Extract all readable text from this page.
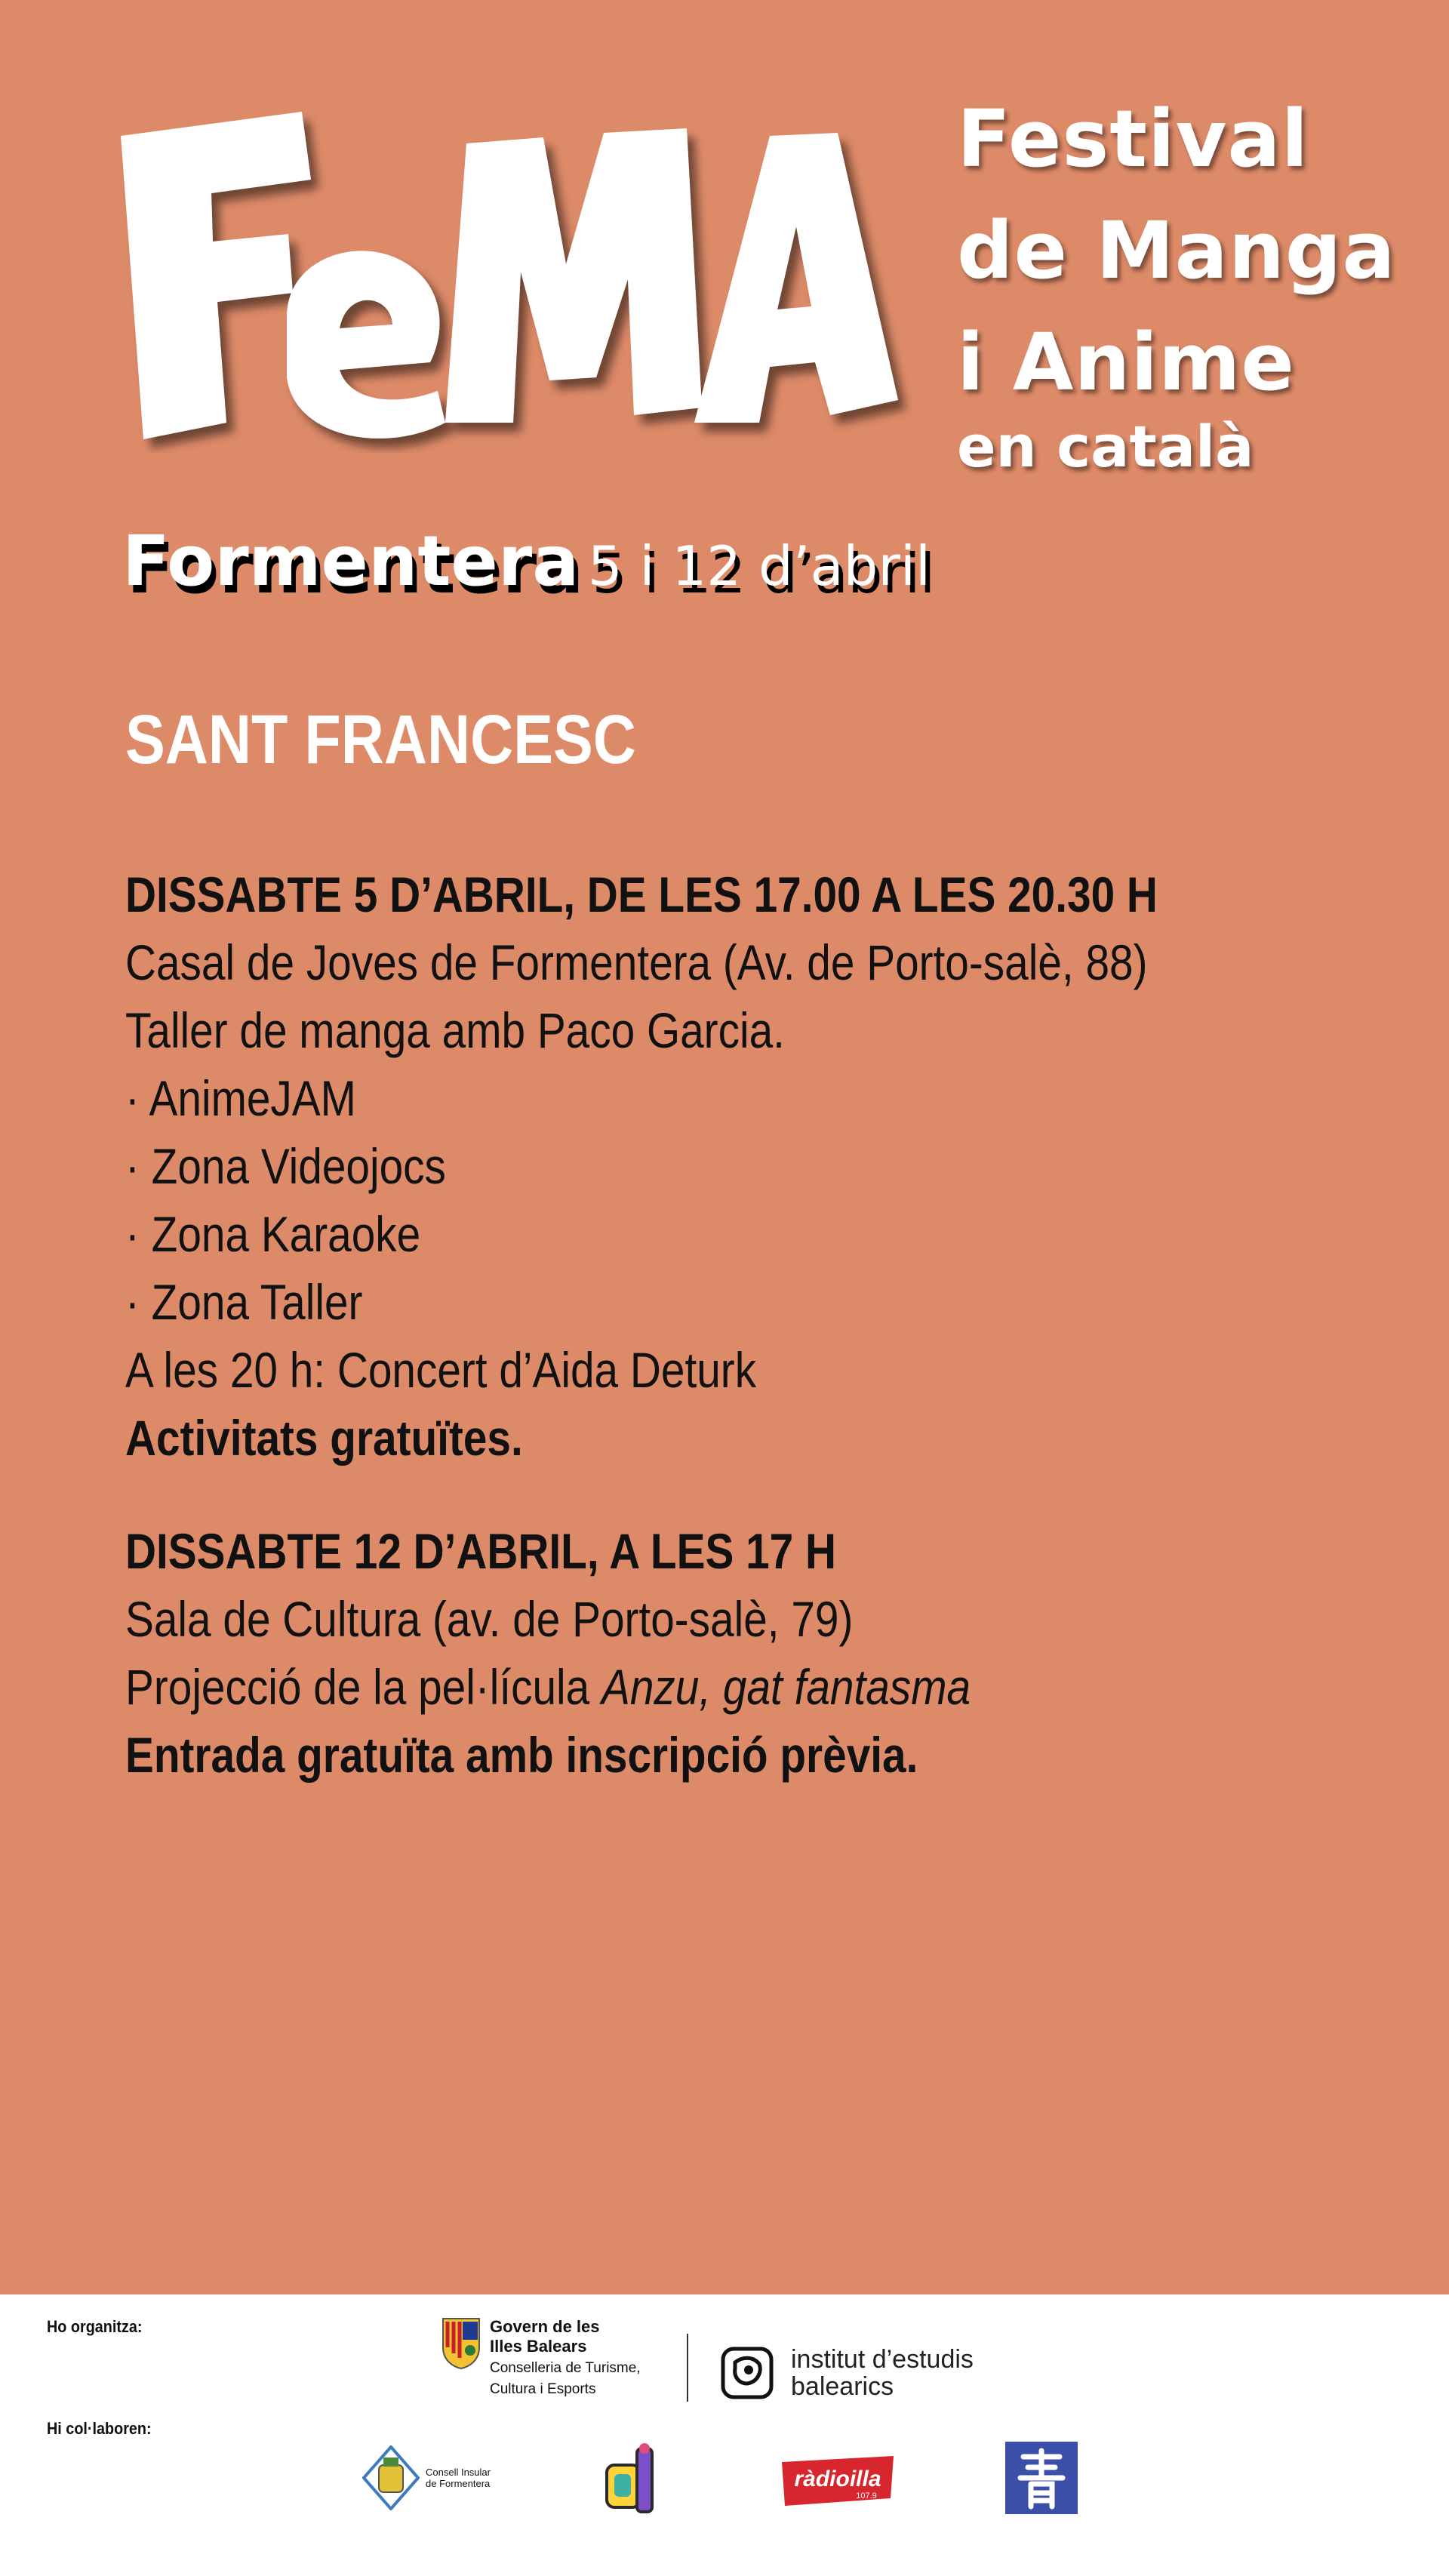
Festival
de Manga
i Anime
en català
Formentera 5 i 12 d’abril
SANT FRANCESC
DISSABTE 5 D’ABRIL, DE LES 17.00 A LES 20.30 H
Casal de Joves de Formentera (Av. de Porto-salè, 88)
Taller de manga amb Paco Garcia.
· AnimeJAM
· Zona Videojocs
· Zona Karaoke
· Zona Taller
A les 20 h: Concert d’Aida Deturk
Activitats gratuïtes.
DISSABTE 12 D’ABRIL, A LES 17 H
Sala de Cultura (av. de Porto-salè, 79)
Projecció de la pel·lícula Anzu, gat fantasma
Entrada gratuïta amb inscripció prèvia.
Ho organitza:
Hi col·laboren:
Govern de les
Illes Balears
Conselleria de Turisme,
Cultura i Esports
institut d’estudis
balearics
Consell Insular
de Formentera	ràdioilla
107.9
